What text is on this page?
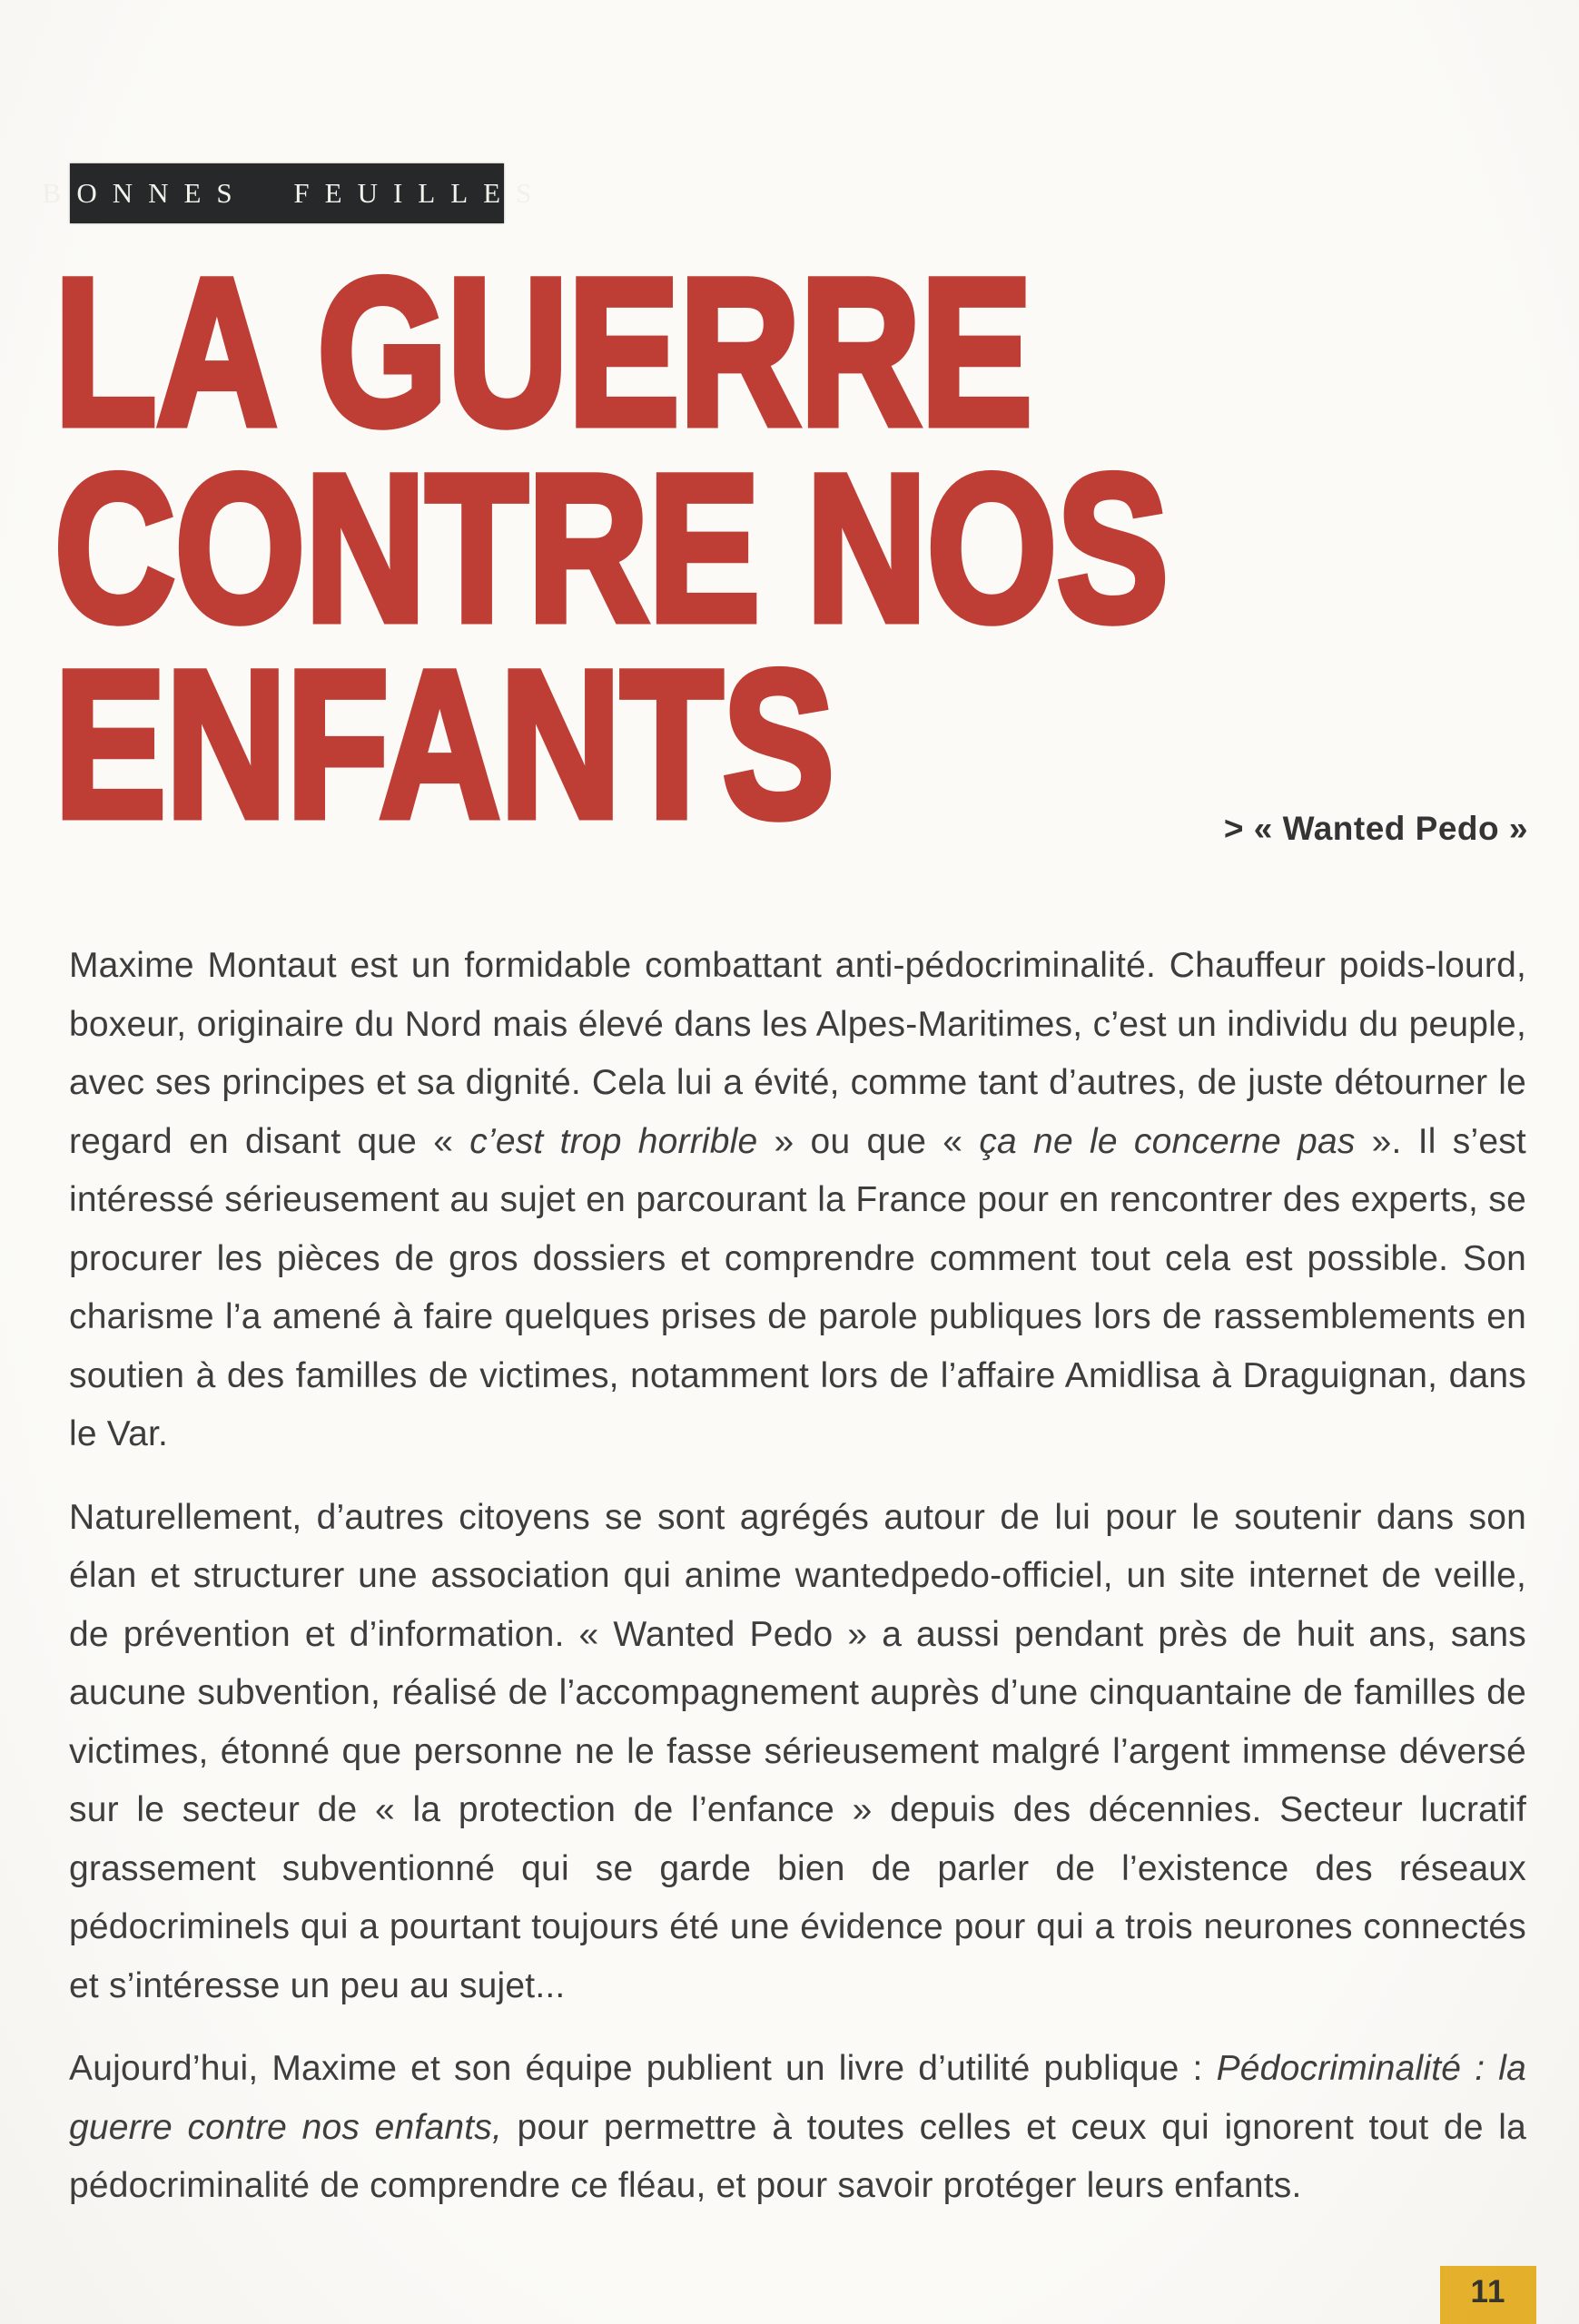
BONNES FEUILLES
LA GUERRE
CONTRE NOS
ENFANTS	> « Wanted Pedo »

Maxime Montaut est un formidable combattant anti-pédocriminalité. Chauffeur poids-lourd, boxeur, originaire du Nord mais élevé dans les Alpes-Maritimes, c’est un individu du peuple, avec ses principes et sa dignité. Cela lui a évité, comme tant d’autres, de juste détourner le regard en disant que « c’est trop horrible » ou que « ça ne le concerne pas ». Il s’est intéressé sérieusement au sujet en parcourant la France pour en rencontrer des experts, se procurer les pièces de gros dossiers et comprendre comment tout cela est possible. Son charisme l’a amené à faire quelques prises de parole publiques lors de rassemblements en soutien à des familles de victimes, notamment lors de l’affaire Amidlisa à Draguignan, dans le Var.

Naturellement, d’autres citoyens se sont agrégés autour de lui pour le soutenir dans son élan et structurer une association qui anime wantedpedo-officiel, un site internet de veille, de prévention et d’information. « Wanted Pedo » a aussi pendant près de huit ans, sans aucune subvention, réalisé de l’accompagnement auprès d’une cinquantaine de familles de victimes, étonné que personne ne le fasse sérieusement malgré l’argent immense déversé sur le secteur de « la protection de l’enfance » depuis des décennies. Secteur lucratif grassement subventionné qui se garde bien de parler de l’existence des réseaux pédocriminels qui a pourtant toujours été une évidence pour qui a trois neurones connectés et s’intéresse un peu au sujet...

Aujourd’hui, Maxime et son équipe publient un livre d’utilité publique : Pédocriminalité : la guerre contre nos enfants, pour permettre à toutes celles et ceux qui ignorent tout de la pédocriminalité de comprendre ce fléau, et pour savoir protéger leurs enfants.

11
